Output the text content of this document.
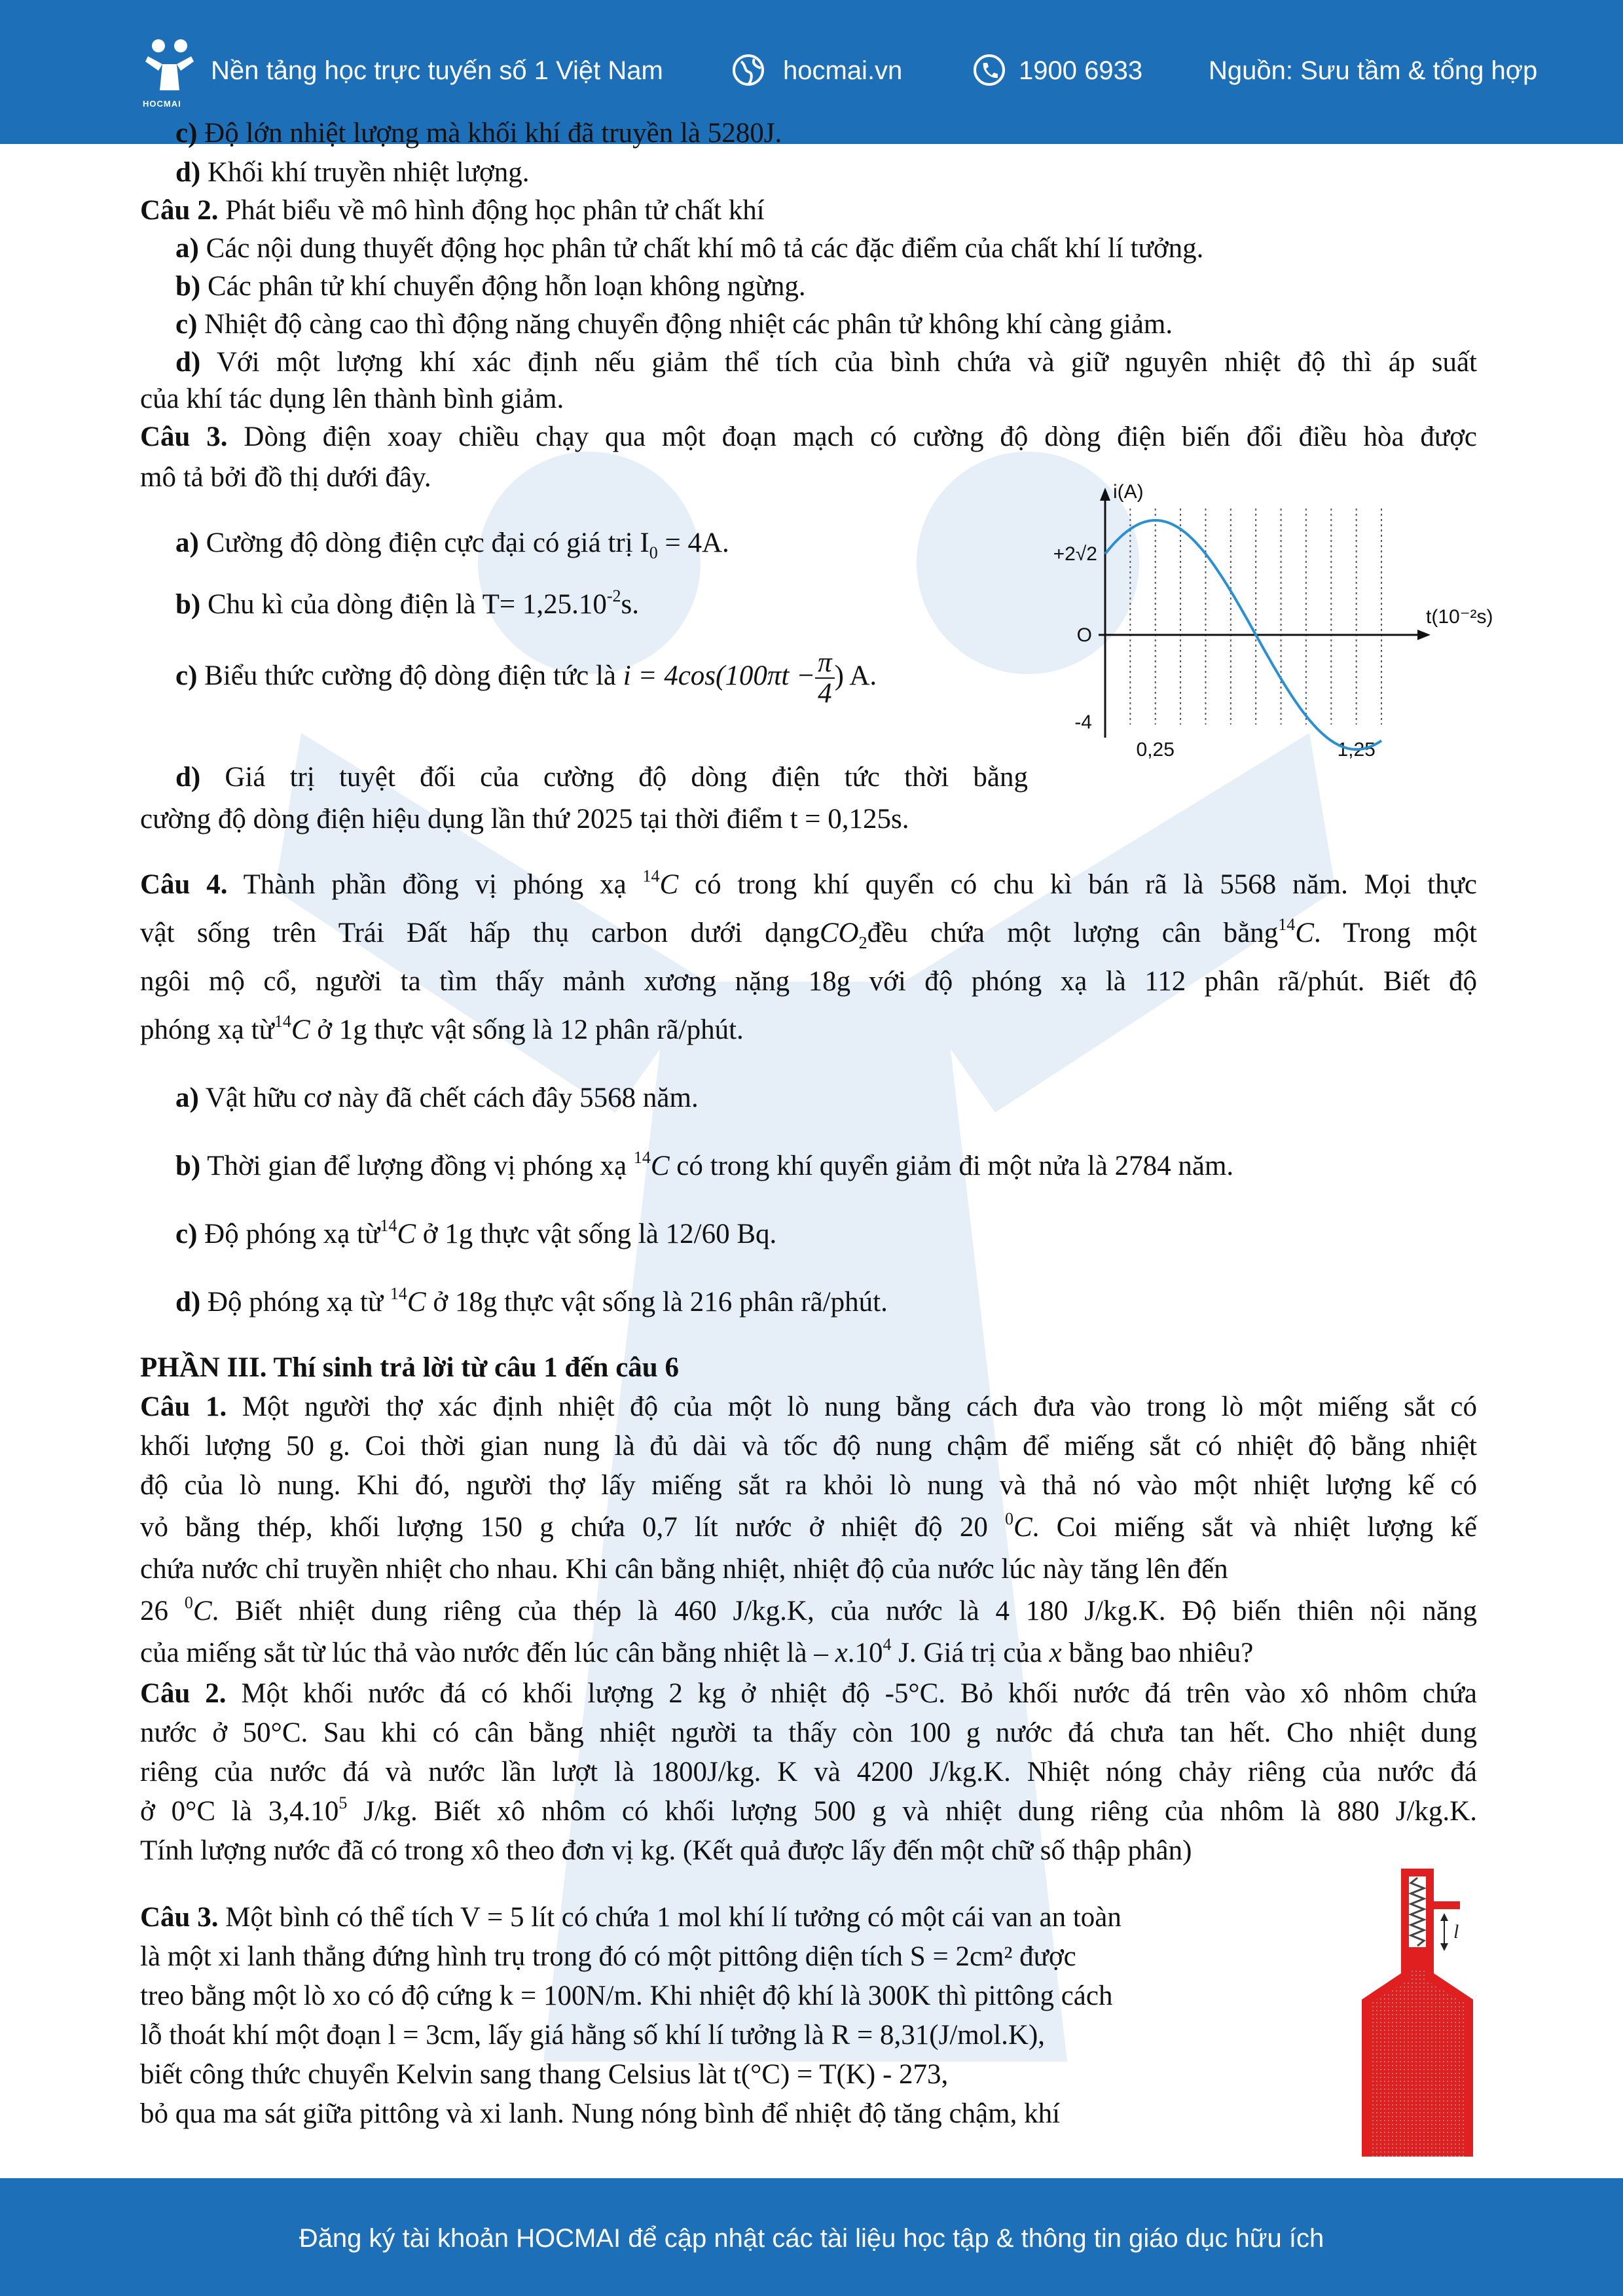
HOCMAI
Nền tảng học trực tuyến số 1 Việt Nam	hocmai.vn	1900 6933	Nguồn: Sưu tầm & tổng hợp
c) Độ lớn nhiệt lượng mà khối khí đã truyền là 5280J.
d) Khối khí truyền nhiệt lượng.
Câu 2. Phát biểu về mô hình động học phân tử chất khí
a) Các nội dung thuyết động học phân tử chất khí mô tả các đặc điểm của chất khí lí tưởng.
b) Các phân tử khí chuyển động hỗn loạn không ngừng.
c) Nhiệt độ càng cao thì động năng chuyển động nhiệt các phân tử không khí càng giảm.
d) Với một lượng khí xác định nếu giảm thể tích của bình chứa và giữ nguyên nhiệt độ thì áp suất
của khí tác dụng lên thành bình giảm.
Câu 3. Dòng điện xoay chiều chạy qua một đoạn mạch có cường độ dòng điện biến đổi điều hòa được
mô tả bởi đồ thị dưới đây.
a) Cường độ dòng điện cực đại có giá trị $I_0 = 4A$.
b) Chu kì của dòng điện là $T= 1,25.10^{-2}s$.
c) Biểu thức cường độ dòng điện tức là $i = 4\cos(100\pi t - \frac{\pi}{4}$ ) A.
d) Giá trị tuyệt đối của cường độ dòng điện tức thời bằng
cường độ dòng điện hiệu dụng lần thứ 2025 tại thời điểm t = 0,125s.
i(A)
t(10⁻²s)
+2√2
O
-4
0,25	1,25
Câu 4. Thành phần đồng vị phóng xạ $^{14}$C có trong khí quyển có chu kì bán rã là 5568 năm. Mọi thực
vật sống trên Trái Đất hấp thụ carbon dưới dạngCO$_2$đều chứa một lượng cân bằng$^{14}$C. Trong một
ngôi mộ cổ, người ta tìm thấy mảnh xương nặng 18g với độ phóng xạ là 112 phân rã/phút. Biết độ
phóng xạ từ$^{14}$C ở 1g thực vật sống là 12 phân rã/phút.
a) Vật hữu cơ này đã chết cách đây 5568 năm.
b) Thời gian để lượng đồng vị phóng xạ $^{14}$C có trong khí quyển giảm đi một nửa là 2784 năm.
c) Độ phóng xạ từ$^{14}$C ở 1g thực vật sống là 12/60 Bq.
d) Độ phóng xạ từ $^{14}$C ở 18g thực vật sống là 216 phân rã/phút.
PHẦN III. Thí sinh trả lời từ câu 1 đến câu 6
Câu 1. Một người thợ xác định nhiệt độ của một lò nung bằng cách đưa vào trong lò một miếng sắt có
khối lượng 50 g. Coi thời gian nung là đủ dài và tốc độ nung chậm để miếng sắt có nhiệt độ bằng nhiệt
độ của lò nung. Khi đó, người thợ lấy miếng sắt ra khỏi lò nung và thả nó vào một nhiệt lượng kế có
vỏ bằng thép, khối lượng 150 g chứa 0,7 lít nước ở nhiệt độ 20 $^0$C. Coi miếng sắt và nhiệt lượng kế
chứa nước chỉ truyền nhiệt cho nhau. Khi cân bằng nhiệt, nhiệt độ của nước lúc này tăng lên đến
26 $^0$C. Biết nhiệt dung riêng của thép là 460 J/kg.K, của nước là 4 180 J/kg.K. Độ biến thiên nội năng
của miếng sắt từ lúc thả vào nước đến lúc cân bằng nhiệt là – $x.10^4$ J. Giá trị của x bằng bao nhiêu?
Câu 2. Một khối nước đá có khối lượng 2 kg ở nhiệt độ -5°C. Bỏ khối nước đá trên vào xô nhôm chứa
nước ở 50°C. Sau khi có cân bằng nhiệt người ta thấy còn 100 g nước đá chưa tan hết. Cho nhiệt dung
riêng của nước đá và nước lần lượt là 1800J/kg. K và 4200 J/kg.K. Nhiệt nóng chảy riêng của nước đá
ở 0°C là 3,4.10$^5$ J/kg. Biết xô nhôm có khối lượng 500 g và nhiệt dung riêng của nhôm là 880 J/kg.K.
Tính lượng nước đã có trong xô theo đơn vị kg. (Kết quả được lấy đến một chữ số thập phân)
Câu 3. Một bình có thể tích V = 5 lít có chứa 1 mol khí lí tưởng có một cái van an toàn
là một xi lanh thẳng đứng hình trụ trong đó có một pittông diện tích S = 2cm² được
treo bằng một lò xo có độ cứng k = 100N/m. Khi nhiệt độ khí là 300K thì pittông cách
lỗ thoát khí một đoạn l = 3cm, lấy giá hằng số khí lí tưởng là R = 8,31(J/mol.K),
biết công thức chuyển Kelvin sang thang Celsius làt t(°C) = T(K) - 273,
bỏ qua ma sát giữa pittông và xi lanh. Nung nóng bình để nhiệt độ tăng chậm, khí
l
Đăng ký tài khoản HOCMAI để cập nhật các tài liệu học tập & thông tin giáo dục hữu ích
